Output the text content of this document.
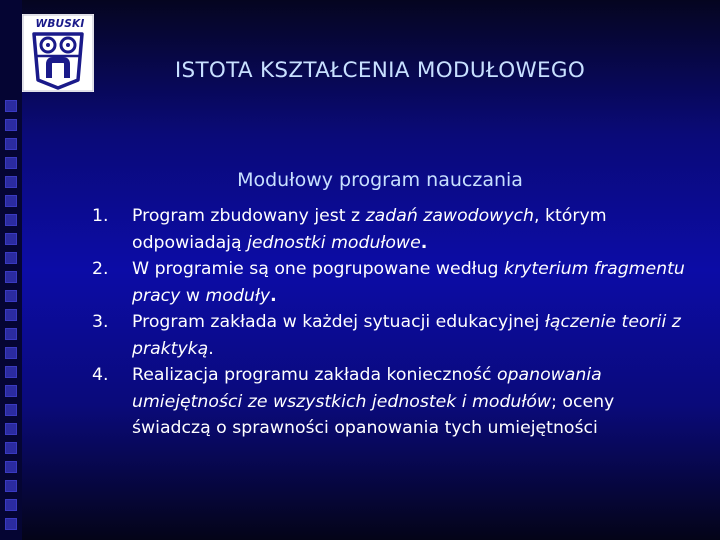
WBUSKI
ISTOTA KSZTAŁCENIA MODUŁOWEGO
Modułowy program nauczania
1. Program zbudowany jest z zadań zawodowych, którym odpowiadają jednostki modułowe.
2. W programie są one pogrupowane według kryterium fragmentu pracy w moduły.
3. Program zakłada w każdej sytuacji edukacyjnej łączenie teorii z praktyką.
4. Realizacja programu zakłada konieczność opanowania umiejętności ze wszystkich jednostek i modułów; oceny świadczą o sprawności opanowania tych umiejętności
